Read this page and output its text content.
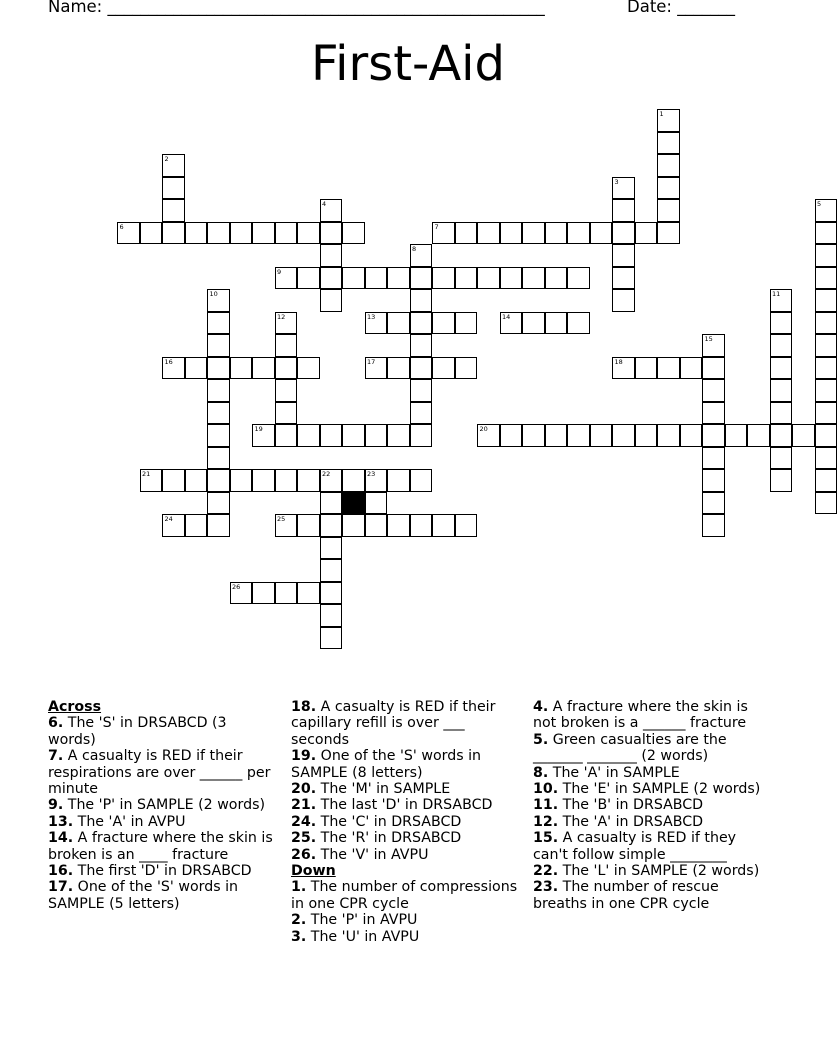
Name: _____________________________________________________	Date: _______
First-Aid
1
2
3
4	5
6	7
8
9
10	11
12	13	14
15
16	17	18
19	20
21	22	23
24	25
26
Across
6. The 'S' in DRSABCD (3 words)
7. A casualty is RED if their respirations are over ______ per minute
9. The 'P' in SAMPLE (2 words)
13. The 'A' in AVPU
14. A fracture where the skin is broken is an ____ fracture
16. The first 'D' in DRSABCD
17. One of the 'S' words in SAMPLE (5 letters)
18. A casualty is RED if their capillary refill is over ___ seconds
19. One of the 'S' words in SAMPLE (8 letters)
20. The 'M' in SAMPLE
21. The last 'D' in DRSABCD
24. The 'C' in DRSABCD
25. The 'R' in DRSABCD
26. The 'V' in AVPU
Down
1. The number of compressions in one CPR cycle
2. The 'P' in AVPU
3. The 'U' in AVPU
4. A fracture where the skin is not broken is a ______ fracture
5. Green casualties are the _______ _______ (2 words)
8. The 'A' in SAMPLE
10. The 'E' in SAMPLE (2 words)
11. The 'B' in DRSABCD
12. The 'A' in DRSABCD
15. A casualty is RED if they can't follow simple ________
22. The 'L' in SAMPLE (2 words)
23. The number of rescue breaths in one CPR cycle
